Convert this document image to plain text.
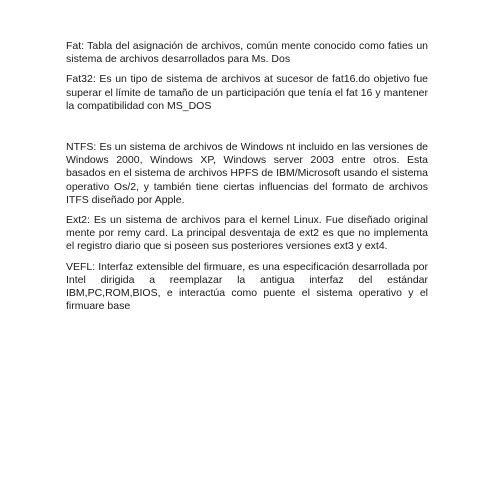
Fat: Tabla del asignación de archivos, común mente conocido como faties un sistema de archivos desarrollados para Ms. Dos

Fat32: Es un tipo de sistema de archivos at sucesor de fat16.do objetivo fue superar el límite de tamaño de un participación que tenía el fat 16 y mantener la compatibilidad con MS_DOS

NTFS: Es un sistema de archivos de Windows nt incluido en las versiones de Windows 2000, Windows XP, Windows server 2003 entre otros. Esta basados en el sistema de archivos HPFS de IBM/Microsoft usando el sistema operativo Os/2, y también tiene ciertas influencias del formato de archivos ITFS diseñado por Apple.

Ext2: Es un sistema de archivos para el kernel Linux. Fue diseñado original mente por remy card. La principal desventaja de ext2 es que no implementa el registro diario que si poseen sus posteriores versiones ext3 y ext4.

VEFL: Interfaz extensible del firmuare, es una especificación desarrollada por Intel dirigida a reemplazar la antigua interfaz del estándar IBM,PC,ROM,BIOS, e interactúa como puente el sistema operativo y el firmuare base
